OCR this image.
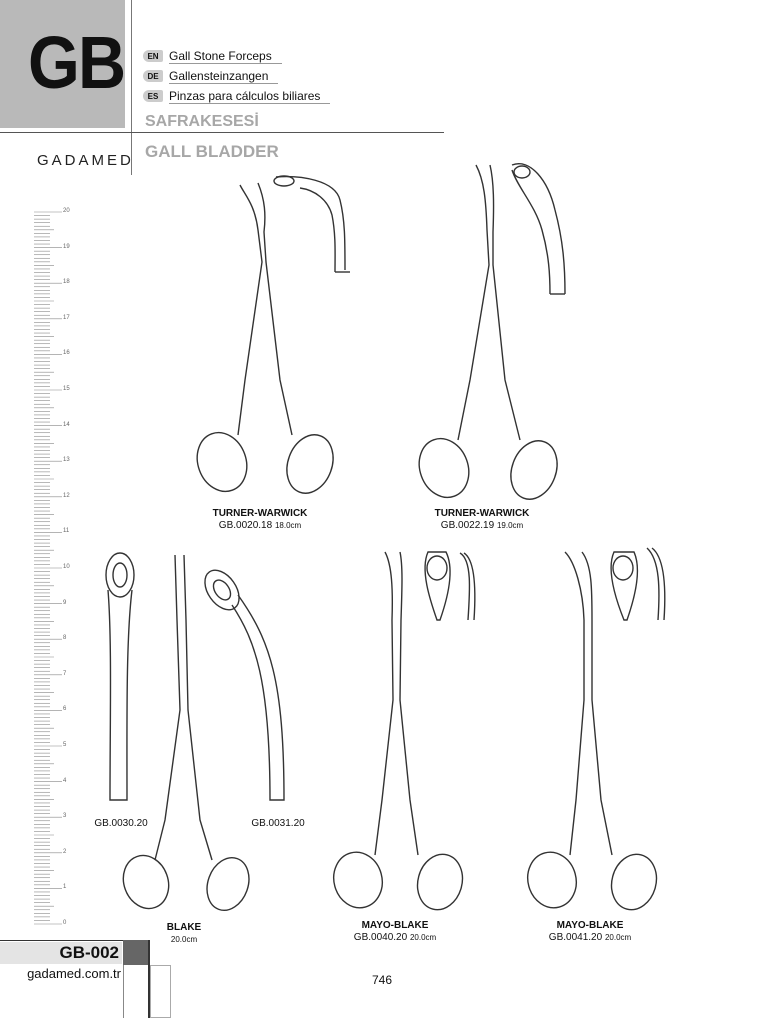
GB	EN Gall Stone Forceps
DE Gallensteinzangen
ES Pinzas para cálculos biliares
SAFRAKESESİ
GALL BLADDER
GADAMED
20
19
18
17
16
15
14
13
12
11
10
9
8
7
6
5
4
3
2
1
0
TURNER-WARWICK
GB.0020.18 18.0cm
TURNER-WARWICK
GB.0022.19 19.0cm
BLAKE
20.0cm
MAYO-BLAKE
GB.0040.20 20.0cm
MAYO-BLAKE
GB.0041.20 20.0cm
GB.0030.20	GB.0031.20
GB-002
gadamed.com.tr	746
